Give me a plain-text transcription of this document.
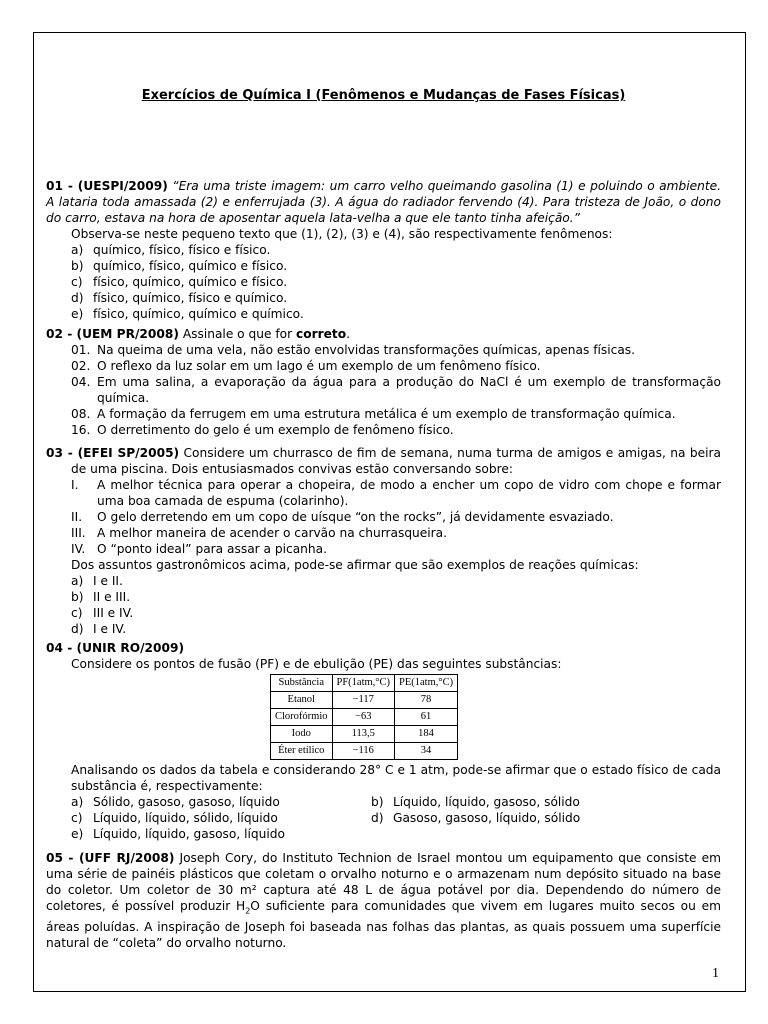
Exercícios de Química I (Fenômenos e Mudanças de Fases Físicas)
01 - (UESPI/2009) “Era uma triste imagem: um carro velho queimando gasolina (1) e poluindo o ambiente. A lataria toda amassada (2) e enferrujada (3). A água do radiador fervendo (4). Para tristeza de João, o dono do carro, estava na hora de aposentar aquela lata-velha a que ele tanto tinha afeição.”
Observa-se neste pequeno texto que (1), (2), (3) e (4), são respectivamente fenômenos:
a) químico, físico, físico e físico.
b) químico, físico, químico e físico.
c) físico, químico, químico e físico.
d) físico, químico, físico e químico.
e) físico, químico, químico e químico.
02 - (UEM PR/2008) Assinale o que for correto.
01. Na queima de uma vela, não estão envolvidas transformações químicas, apenas físicas.
02. O reflexo da luz solar em um lago é um exemplo de um fenômeno físico.
04. Em uma salina, a evaporação da água para a produção do NaCl é um exemplo de transformação química.
08. A formação da ferrugem em uma estrutura metálica é um exemplo de transformação química.
16. O derretimento do gelo é um exemplo de fenômeno físico.
03 - (EFEI SP/2005) Considere um churrasco de fim de semana, numa turma de amigos e amigas, na beira de uma piscina. Dois entusiasmados convivas estão conversando sobre:
I.	A melhor técnica para operar a chopeira, de modo a encher um copo de vidro com chope e formar uma boa camada de espuma (colarinho).
II.	O gelo derretendo em um copo de uísque “on the rocks”, já devidamente esvaziado.
III. A melhor maneira de acender o carvão na churrasqueira.
IV. O “ponto ideal” para assar a picanha.
Dos assuntos gastronômicos acima, pode-se afirmar que são exemplos de reações químicas:
a) I e II.
b) II e III.
c) III e IV.
d) I e IV.
04 - (UNIR RO/2009)
Considere os pontos de fusão (PF) e de ebulição (PE) das seguintes substâncias:
Substância	PF(1atm,°C)	PE(1atm,°C)
Etanol	−117	78
Clorofórmio	−63	61
Iodo	113,5	184
Éter etílico	−116	34
Analisando os dados da tabela e considerando 28° C e 1 atm, pode-se afirmar que o estado físico de cada substância é, respectivamente:
a) Sólido, gasoso, gasoso, líquido	b) Líquido, líquido, gasoso, sólido
c) Líquido, líquido, sólido, líquido	d) Gasoso, gasoso, líquido, sólido
e) Líquido, líquido, gasoso, líquido
05 - (UFF RJ/2008) Joseph Cory, do Instituto Technion de Israel montou um equipamento que consiste em uma série de painéis plásticos que coletam o orvalho noturno e o armazenam num depósito situado na base do coletor. Um coletor de 30 m² captura até 48 L de água potável por dia. Dependendo do número de coletores, é possível produzir $H_2O$ suficiente para comunidades que vivem em lugares muito secos ou em áreas poluídas. A inspiração de Joseph foi baseada nas folhas das plantas, as quais possuem uma superfície natural de “coleta” do orvalho noturno.
1
